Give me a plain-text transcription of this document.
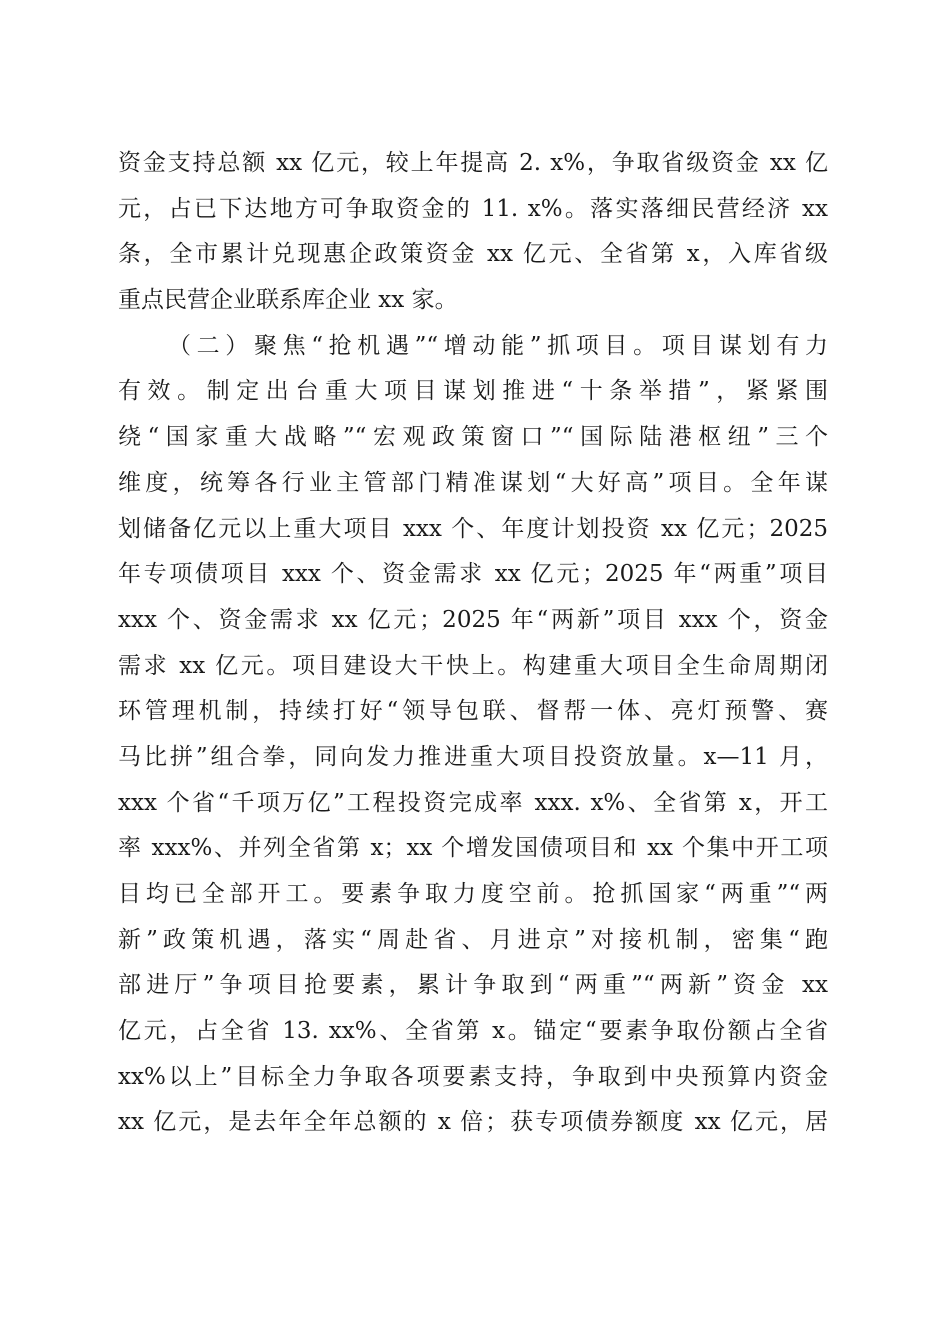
资金支持总额 xx 亿元，较上年提高 2. x%，争取省级资金 xx 亿
元，占已下达地方可争取资金的 11. x%。落实落细民营经济 xx
条，全市累计兑现惠企政策资金 xx 亿元、全省第 x，入库省级
重点民营企业联系库企业 xx 家。
（二）聚焦“抢机遇”“增动能”抓项目。项目谋划有力
有效。制定出台重大项目谋划推进“十条举措”，紧紧围
绕“国家重大战略”“宏观政策窗口”“国际陆港枢纽”三个
维度，统筹各行业主管部门精准谋划“大好高”项目。全年谋
划储备亿元以上重大项目 xxx 个、年度计划投资 xx 亿元；2025
年专项债项目 xxx 个、资金需求 xx 亿元；2025 年“两重”项目
xxx 个、资金需求 xx 亿元；2025 年“两新”项目 xxx 个，资金
需求 xx 亿元。项目建设大干快上。构建重大项目全生命周期闭
环管理机制，持续打好“领导包联、督帮一体、亮灯预警、赛
马比拼”组合拳，同向发力推进重大项目投资放量。x—11 月，
xxx 个省“千项万亿”工程投资完成率 xxx. x%、全省第 x，开工
率 xxx%、并列全省第 x；xx 个增发国债项目和 xx 个集中开工项
目均已全部开工。要素争取力度空前。抢抓国家“两重”“两
新”政策机遇，落实“周赴省、月进京”对接机制，密集“跑
部进厅”争项目抢要素，累计争取到“两重”“两新”资金 xx
亿元，占全省 13. xx%、全省第 x。锚定“要素争取份额占全省
xx%以上”目标全力争取各项要素支持，争取到中央预算内资金
xx 亿元，是去年全年总额的 x 倍；获专项债券额度 xx 亿元，居
